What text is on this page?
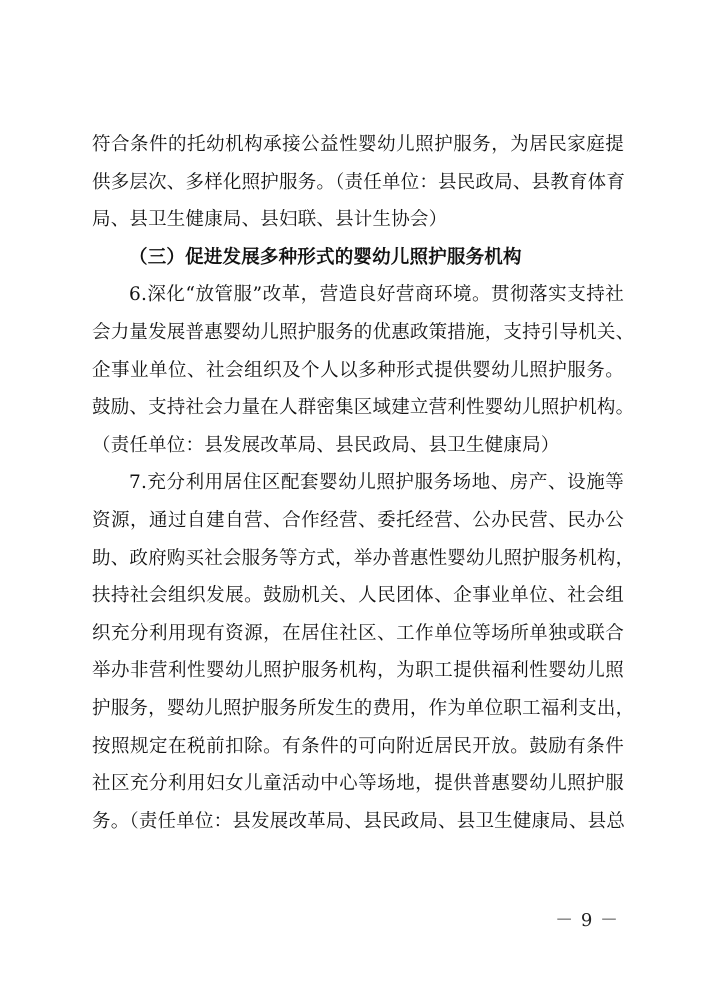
符合条件的托幼机构承接公益性婴幼儿照护服务，为居民家庭提
供多层次、多样化照护服务。（责任单位：县民政局、县教育体育
局、县卫生健康局、县妇联、县计生协会）
（三）促进发展多种形式的婴幼儿照护服务机构
6.深化“放管服”改革，营造良好营商环境。贯彻落实支持社
会力量发展普惠婴幼儿照护服务的优惠政策措施，支持引导机关、
企事业单位、社会组织及个人以多种形式提供婴幼儿照护服务。
鼓励、支持社会力量在人群密集区域建立营利性婴幼儿照护机构。
（责任单位：县发展改革局、县民政局、县卫生健康局）
7.充分利用居住区配套婴幼儿照护服务场地、房产、设施等
资源，通过自建自营、合作经营、委托经营、公办民营、民办公
助、政府购买社会服务等方式，举办普惠性婴幼儿照护服务机构，
扶持社会组织发展。鼓励机关、人民团体、企事业单位、社会组
织充分利用现有资源，在居住社区、工作单位等场所单独或联合
举办非营利性婴幼儿照护服务机构，为职工提供福利性婴幼儿照
护服务，婴幼儿照护服务所发生的费用，作为单位职工福利支出，
按照规定在税前扣除。有条件的可向附近居民开放。鼓励有条件
社区充分利用妇女儿童活动中心等场地，提供普惠婴幼儿照护服
务。（责任单位：县发展改革局、县民政局、县卫生健康局、县总
－ 9 －
